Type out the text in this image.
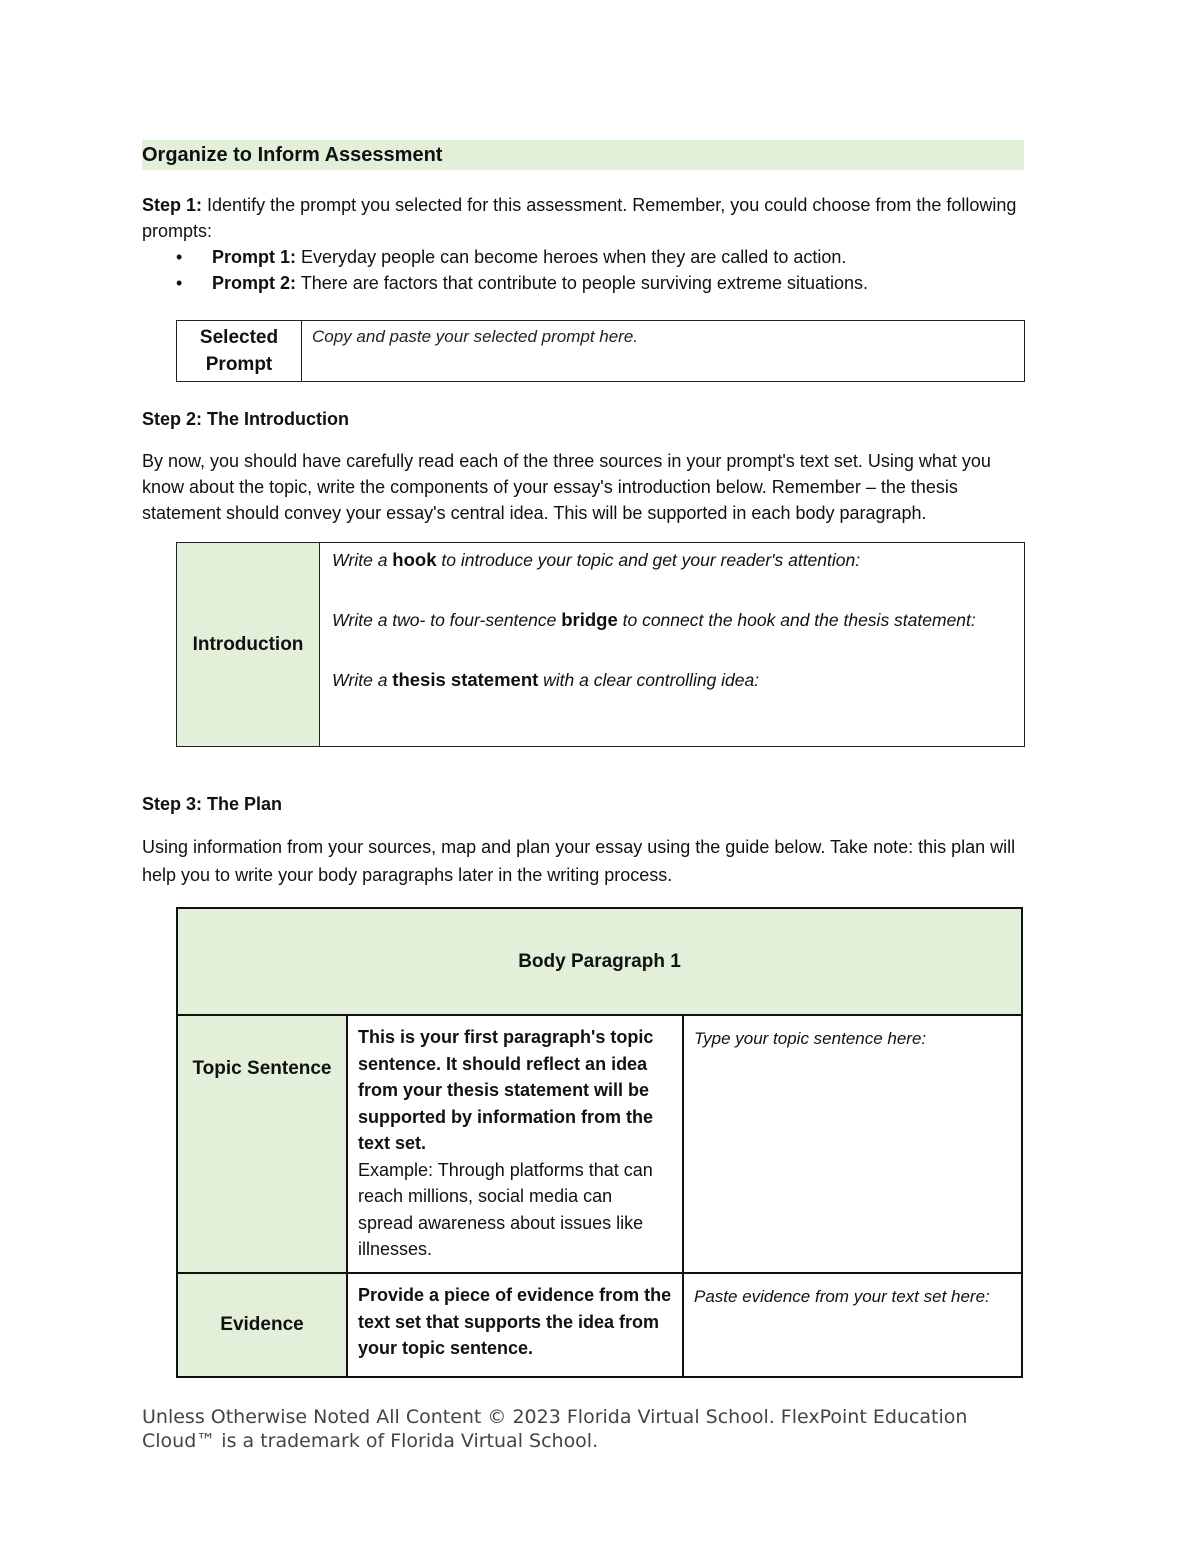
Organize to Inform Assessment
Step 1: Identify the prompt you selected for this assessment. Remember, you could choose from the following prompts:
• Prompt 1: Everyday people can become heroes when they are called to action.
• Prompt 2: There are factors that contribute to people surviving extreme situations.
Selected
Prompt
	Copy and paste your selected prompt here.
Step 2: The Introduction
By now, you should have carefully read each of the three sources in your prompt's text set. Using what you know about the topic, write the components of your essay's introduction below. Remember – the thesis statement should convey your essay's central idea. This will be supported in each body paragraph.
Introduction	

Write a hook to introduce your topic and get your reader's attention:

Write a two- to four-sentence bridge to connect the hook and the thesis statement:

Write a thesis statement with a clear controlling idea:

Step 3: The Plan
Using information from your sources, map and plan your essay using the guide below. Take note: this plan will help you to write your body paragraphs later in the writing process.
Body Paragraph 1		
Topic Sentence	This is your first paragraph's topic sentence. It should reflect an idea from your thesis statement will be supported by information from the text set.
Example: Through platforms that can reach millions, social media can spread awareness about issues like illnesses.	Type your topic sentence here:
Evidence	Provide a piece of evidence from the text set that supports the idea from your topic sentence.	Paste evidence from your text set here:
Unless Otherwise Noted All Content © 2023 Florida Virtual School. FlexPoint Education Cloud™ is a trademark of Florida Virtual School.
